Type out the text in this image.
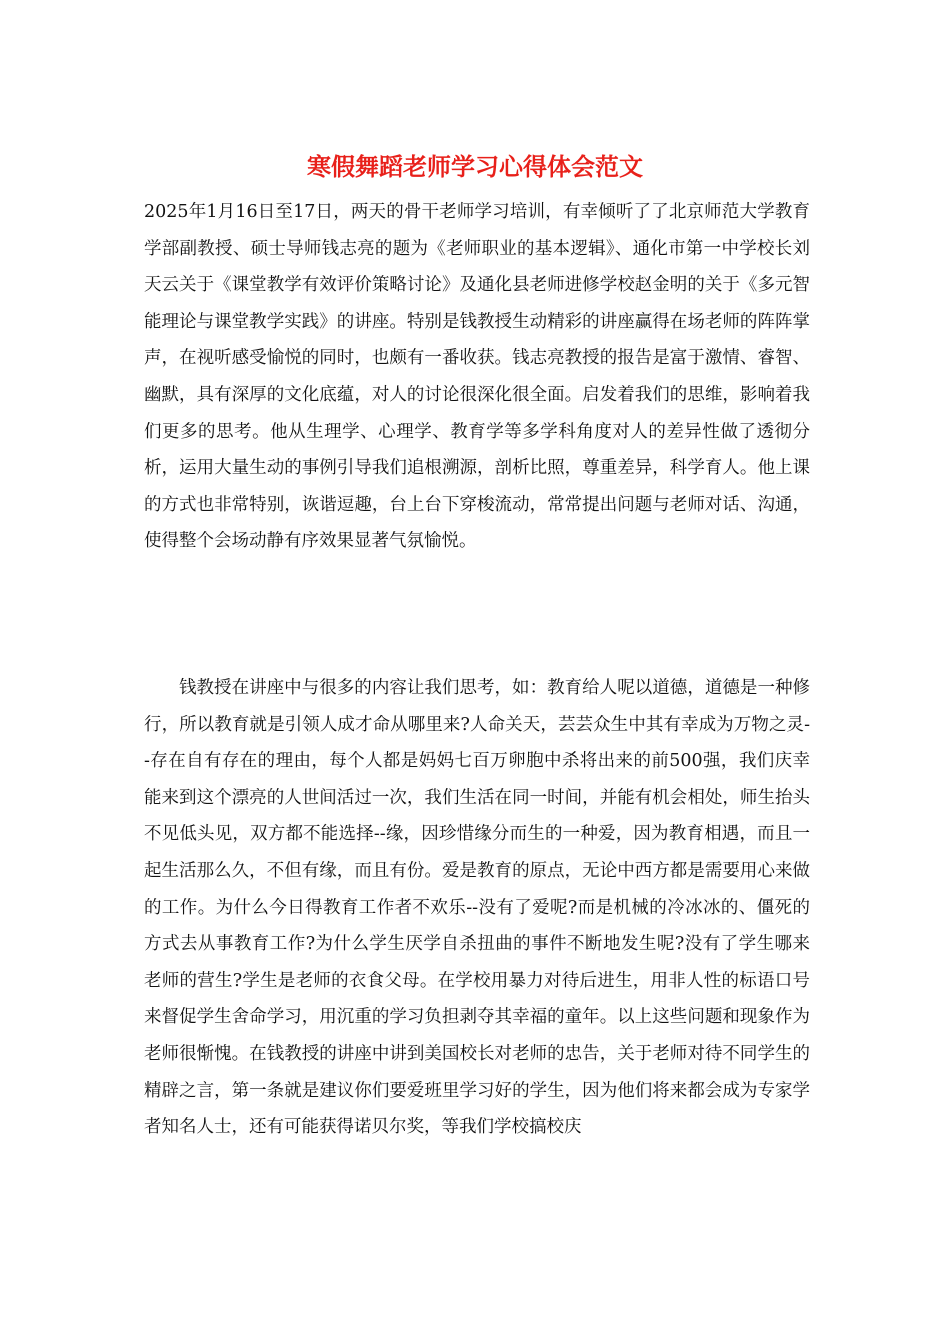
寒假舞蹈老师学习心得体会范文

2025年1月16日至17日，两天的骨干老师学习培训，有幸倾听了了北京师范大学教育学部副教授、硕士导师钱志亮的题为《老师职业的基本逻辑》、通化市第一中学校长刘天云关于《课堂教学有效评价策略讨论》及通化县老师进修学校赵金明的关于《多元智能理论与课堂教学实践》的讲座。特别是钱教授生动精彩的讲座赢得在场老师的阵阵掌声，在视听感受愉悦的同时，也颇有一番收获。钱志亮教授的报告是富于激情、睿智、幽默，具有深厚的文化底蕴，对人的讨论很深化很全面。启发着我们的思维，影响着我们更多的思考。他从生理学、心理学、教育学等多学科角度对人的差异性做了透彻分析，运用大量生动的事例引导我们追根溯源，剖析比照，尊重差异，科学育人。他上课的方式也非常特别，诙谐逗趣，台上台下穿梭流动，常常提出问题与老师对话、沟通，使得整个会场动静有序效果显著气氛愉悦。

钱教授在讲座中与很多的内容让我们思考，如：教育给人呢以道德，道德是一种修行，所以教育就是引领人成才命从哪里来?人命关天，芸芸众生中其有幸成为万物之灵--存在自有存在的理由，每个人都是妈妈七百万卵胞中杀将出来的前500强，我们庆幸能来到这个漂亮的人世间活过一次，我们生活在同一时间，并能有机会相处，师生抬头不见低头见，双方都不能选择--缘，因珍惜缘分而生的一种爱，因为教育相遇，而且一起生活那么久，不但有缘，而且有份。爱是教育的原点，无论中西方都是需要用心来做的工作。为什么今日得教育工作者不欢乐--没有了爱呢?而是机械的冷冰冰的、僵死的方式去从事教育工作?为什么学生厌学自杀扭曲的事件不断地发生呢?没有了学生哪来老师的营生?学生是老师的衣食父母。在学校用暴力对待后进生，用非人性的标语口号来督促学生舍命学习，用沉重的学习负担剥夺其幸福的童年。以上这些问题和现象作为老师很惭愧。在钱教授的讲座中讲到美国校长对老师的忠告，关于老师对待不同学生的精辟之言，第一条就是建议你们要爱班里学习好的学生，因为他们将来都会成为专家学者知名人士，还有可能获得诺贝尔奖，等我们学校搞校庆
